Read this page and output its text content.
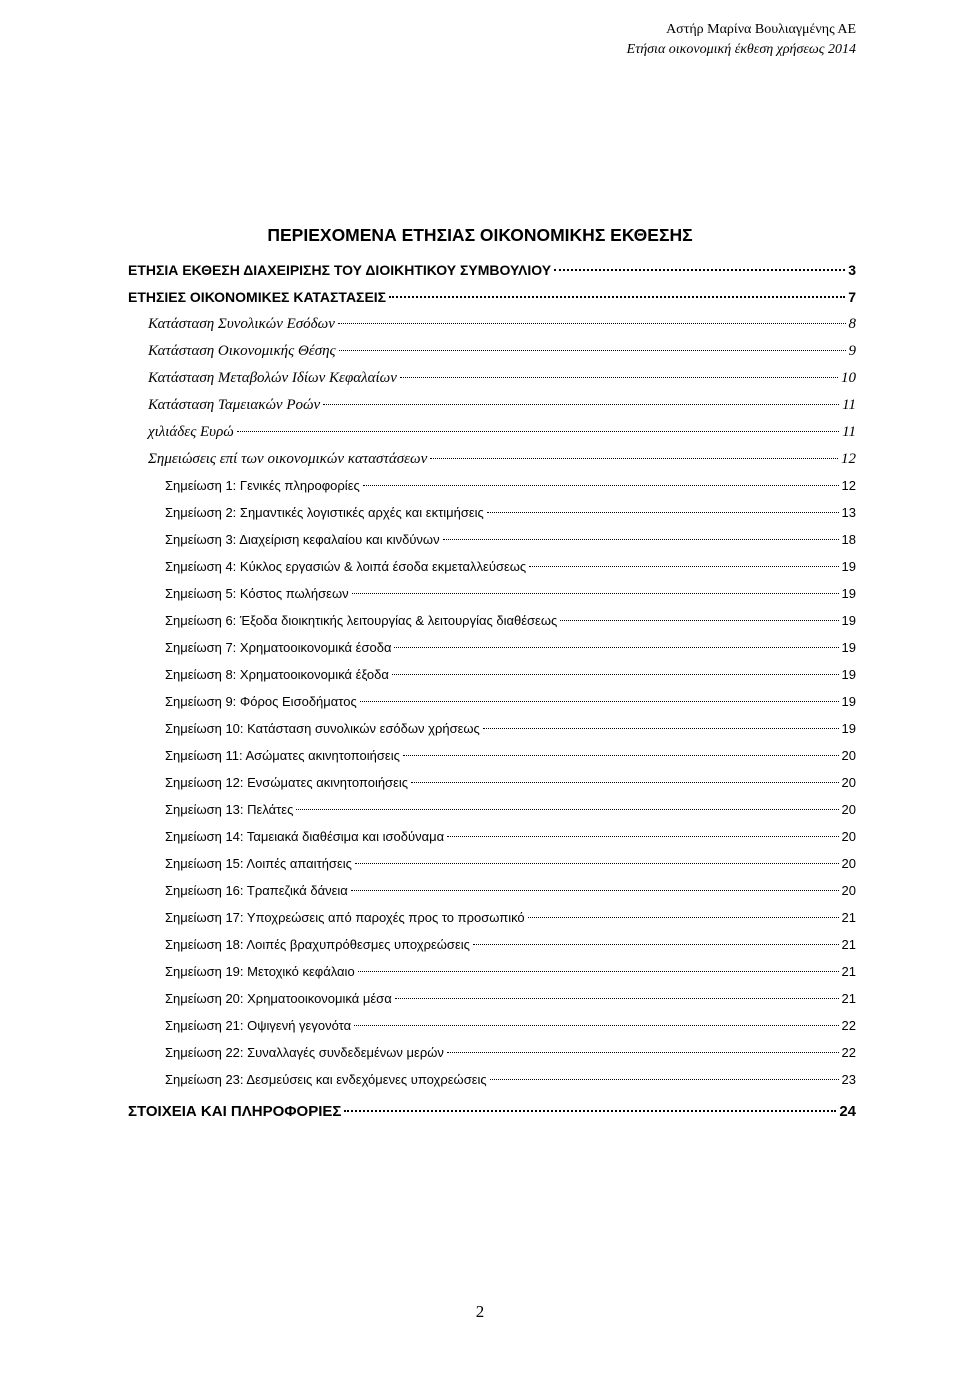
Αστήρ Μαρίνα Βουλιαγμένης ΑΕ
Ετήσια οικονομική έκθεση χρήσεως 2014
ΠΕΡΙΕΧΟΜΕΝΑ ΕΤΗΣΙΑΣ ΟΙΚΟΝΟΜΙΚΗΣ ΕΚΘΕΣΗΣ
ΕΤΗΣΙΑ ΕΚΘΕΣΗ ΔΙΑΧΕΙΡΙΣΗΣ ΤΟΥ ΔΙΟΙΚΗΤΙΚΟΥ ΣΥΜΒΟΥΛΙΟΥ	3
ΕΤΗΣΙΕΣ ΟΙΚΟΝΟΜΙΚΕΣ ΚΑΤΑΣΤΑΣΕΙΣ	7
Κατάσταση Συνολικών Εσόδων	8
Κατάσταση Οικονομικής Θέσης	9
Κατάσταση Μεταβολών Ιδίων Κεφαλαίων	10
Κατάσταση Ταμειακών Ροών	11
χιλιάδες Ευρώ	11
Σημειώσεις επί των οικονομικών καταστάσεων	12
Σημείωση 1: Γενικές πληροφορίες	12
Σημείωση 2: Σημαντικές λογιστικές αρχές και εκτιμήσεις	13
Σημείωση 3: Διαχείριση κεφαλαίου και κινδύνων	18
Σημείωση 4: Κύκλος εργασιών & λοιπά έσοδα εκμεταλλεύσεως	19
Σημείωση 5: Κόστος πωλήσεων	19
Σημείωση 6: Έξοδα διοικητικής λειτουργίας & λειτουργίας διαθέσεως	19
Σημείωση 7: Χρηματοοικονομικά έσοδα	19
Σημείωση 8: Χρηματοοικονομικά έξοδα	19
Σημείωση 9: Φόρος Εισοδήματος	19
Σημείωση 10: Κατάσταση συνολικών εσόδων χρήσεως	19
Σημείωση 11: Ασώματες ακινητοποιήσεις	20
Σημείωση 12: Ενσώματες ακινητοποιήσεις	20
Σημείωση 13: Πελάτες	20
Σημείωση 14: Ταμειακά διαθέσιμα και ισοδύναμα	20
Σημείωση 15: Λοιπές απαιτήσεις	20
Σημείωση 16: Τραπεζικά δάνεια	20
Σημείωση 17: Υποχρεώσεις από παροχές προς το προσωπικό	21
Σημείωση 18: Λοιπές βραχυπρόθεσμες υποχρεώσεις	21
Σημείωση 19: Μετοχικό κεφάλαιο	21
Σημείωση 20: Χρηματοοικονομικά μέσα	21
Σημείωση 21: Οψιγενή γεγονότα	22
Σημείωση 22: Συναλλαγές συνδεδεμένων μερών	22
Σημείωση 23: Δεσμεύσεις και ενδεχόμενες υποχρεώσεις	23
ΣΤΟΙΧΕΙΑ ΚΑΙ ΠΛΗΡΟΦΟΡΙΕΣ	24
2
